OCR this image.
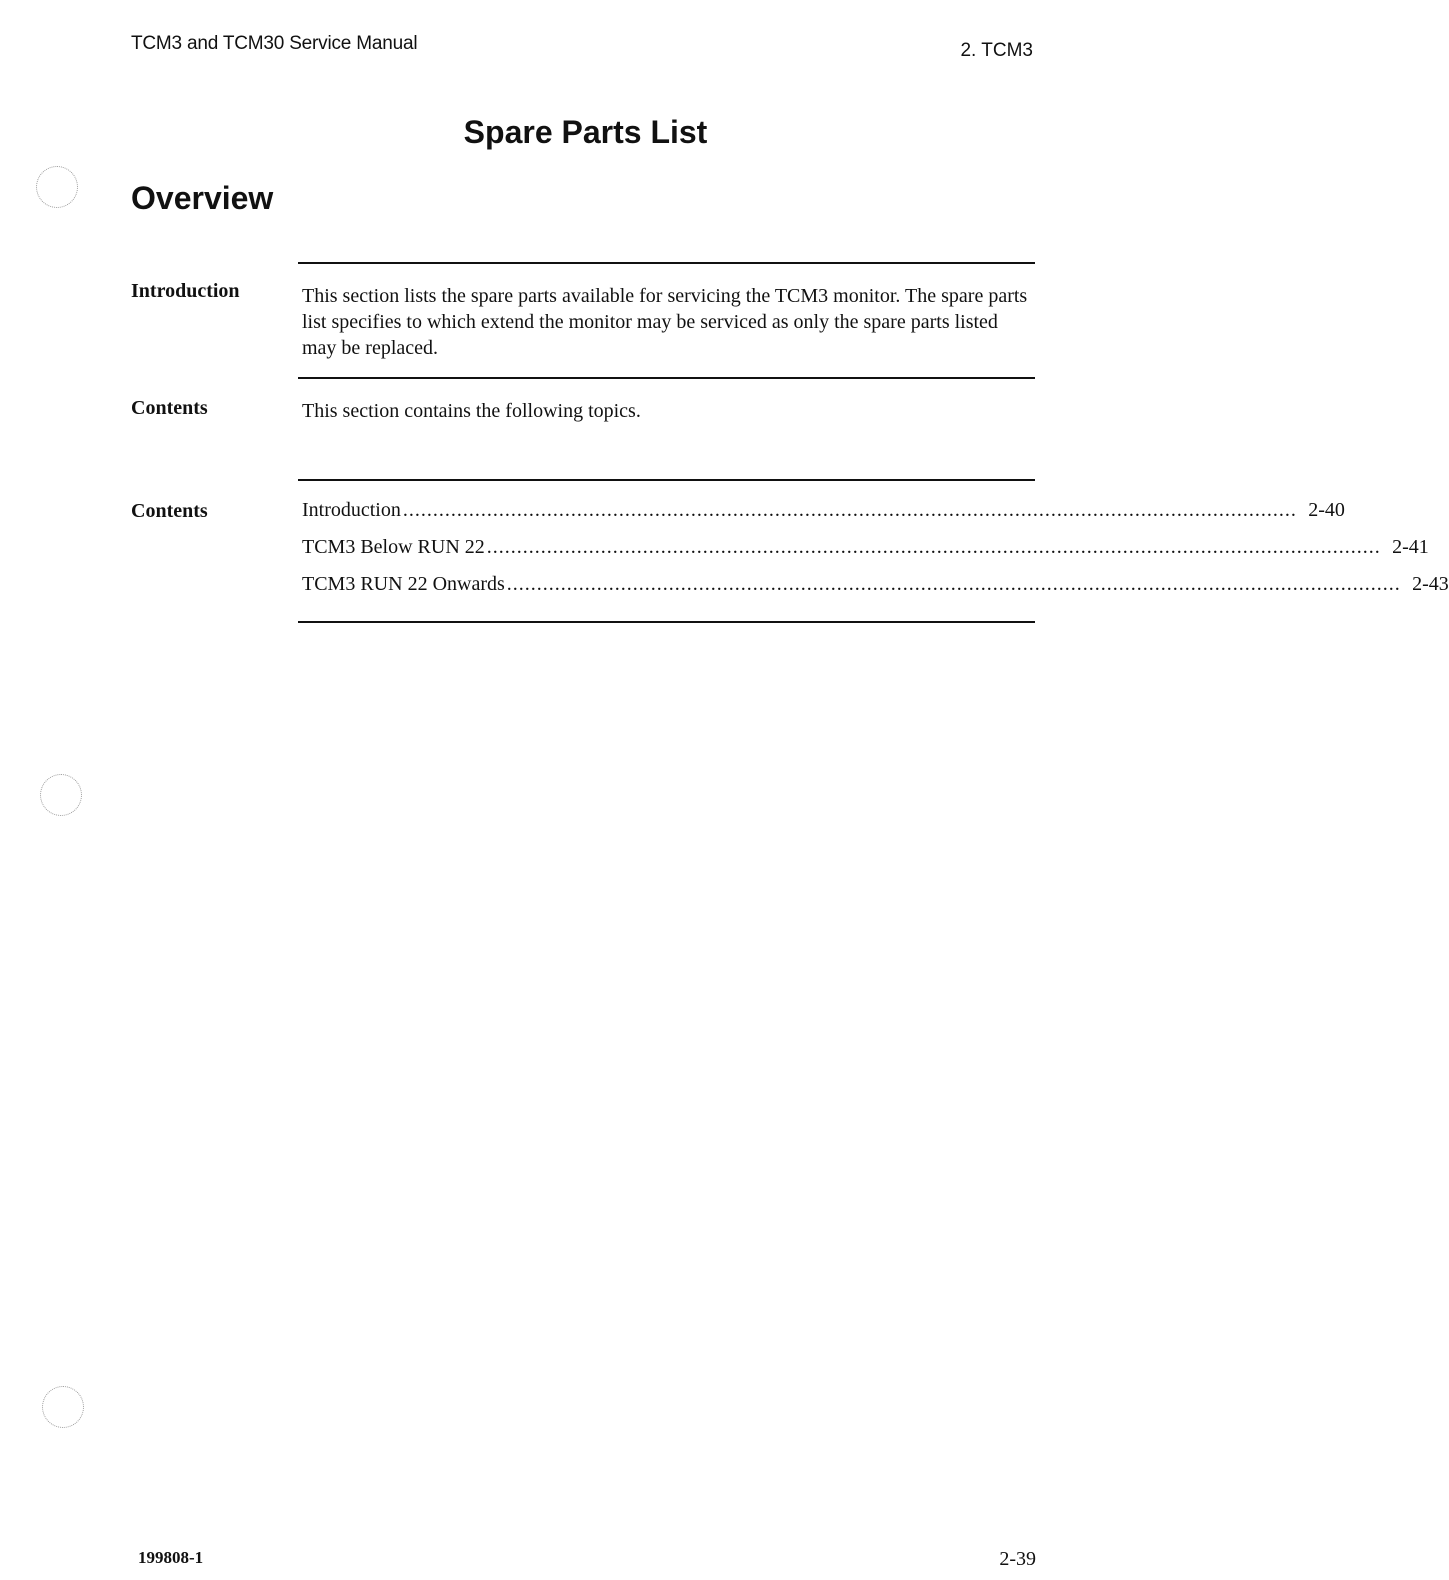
TCM3 and TCM30 Service Manual	2. TCM3
Spare Parts List
Overview
Introduction	This section lists the spare parts available for servicing the TCM3 monitor. The spare parts list specifies to which extend the monitor may be serviced as only the spare parts listed may be replaced.
Contents	This section contains the following topics.
Contents	Introduction ..................................................................................................................................................... 2-40
TCM3 Below RUN 22 ..................................................................................................................................................... 2-41
TCM3 RUN 22 Onwards ..................................................................................................................................................... 2-43
199808-1	2-39
